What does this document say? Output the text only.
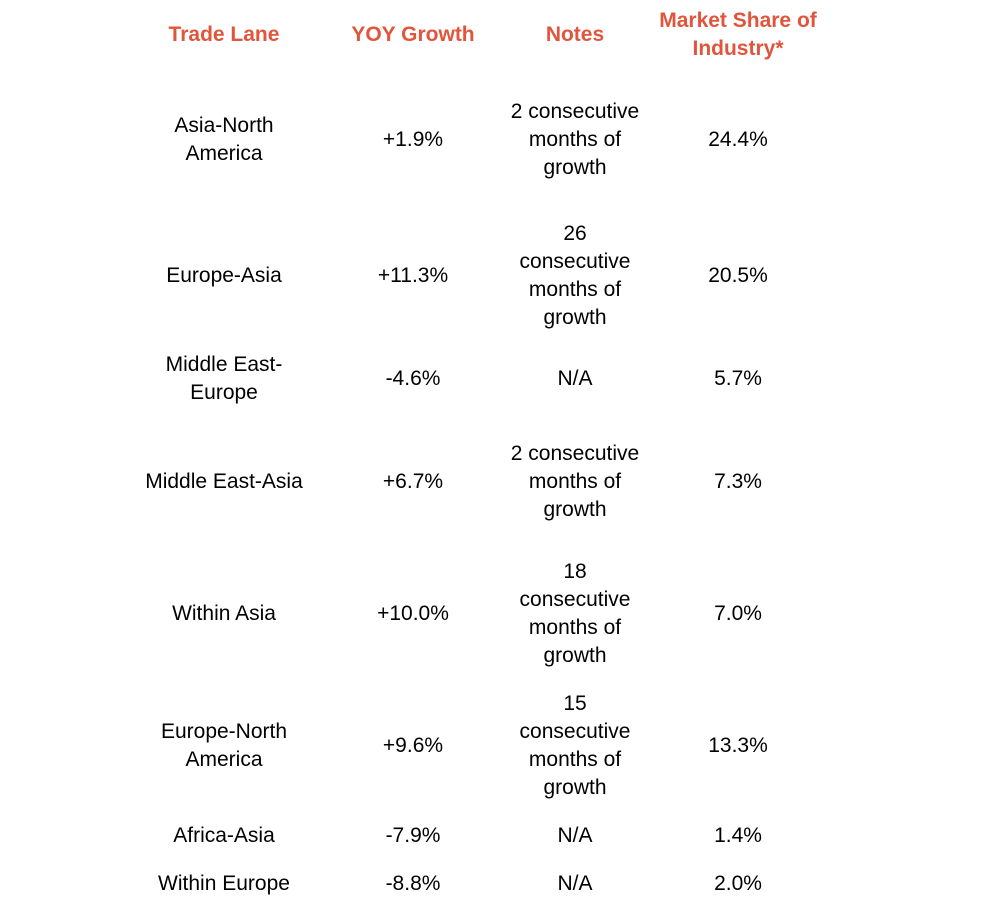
Trade Lane	YOY Growth	Notes	Market Share of Industry*
Asia-North America	+1.9%	2 consecutive months of growth	24.4%
Europe-Asia	+11.3%	26 consecutive months of growth	20.5%
Middle East-Europe	-4.6%	N/A	5.7%
Middle East-Asia	+6.7%	2 consecutive months of growth	7.3%
Within Asia	+10.0%	18 consecutive months of growth	7.0%
Europe-North America	+9.6%	15 consecutive months of growth	13.3%
Africa-Asia	-7.9%	N/A	1.4%
Within Europe	-8.8%	N/A	2.0%
